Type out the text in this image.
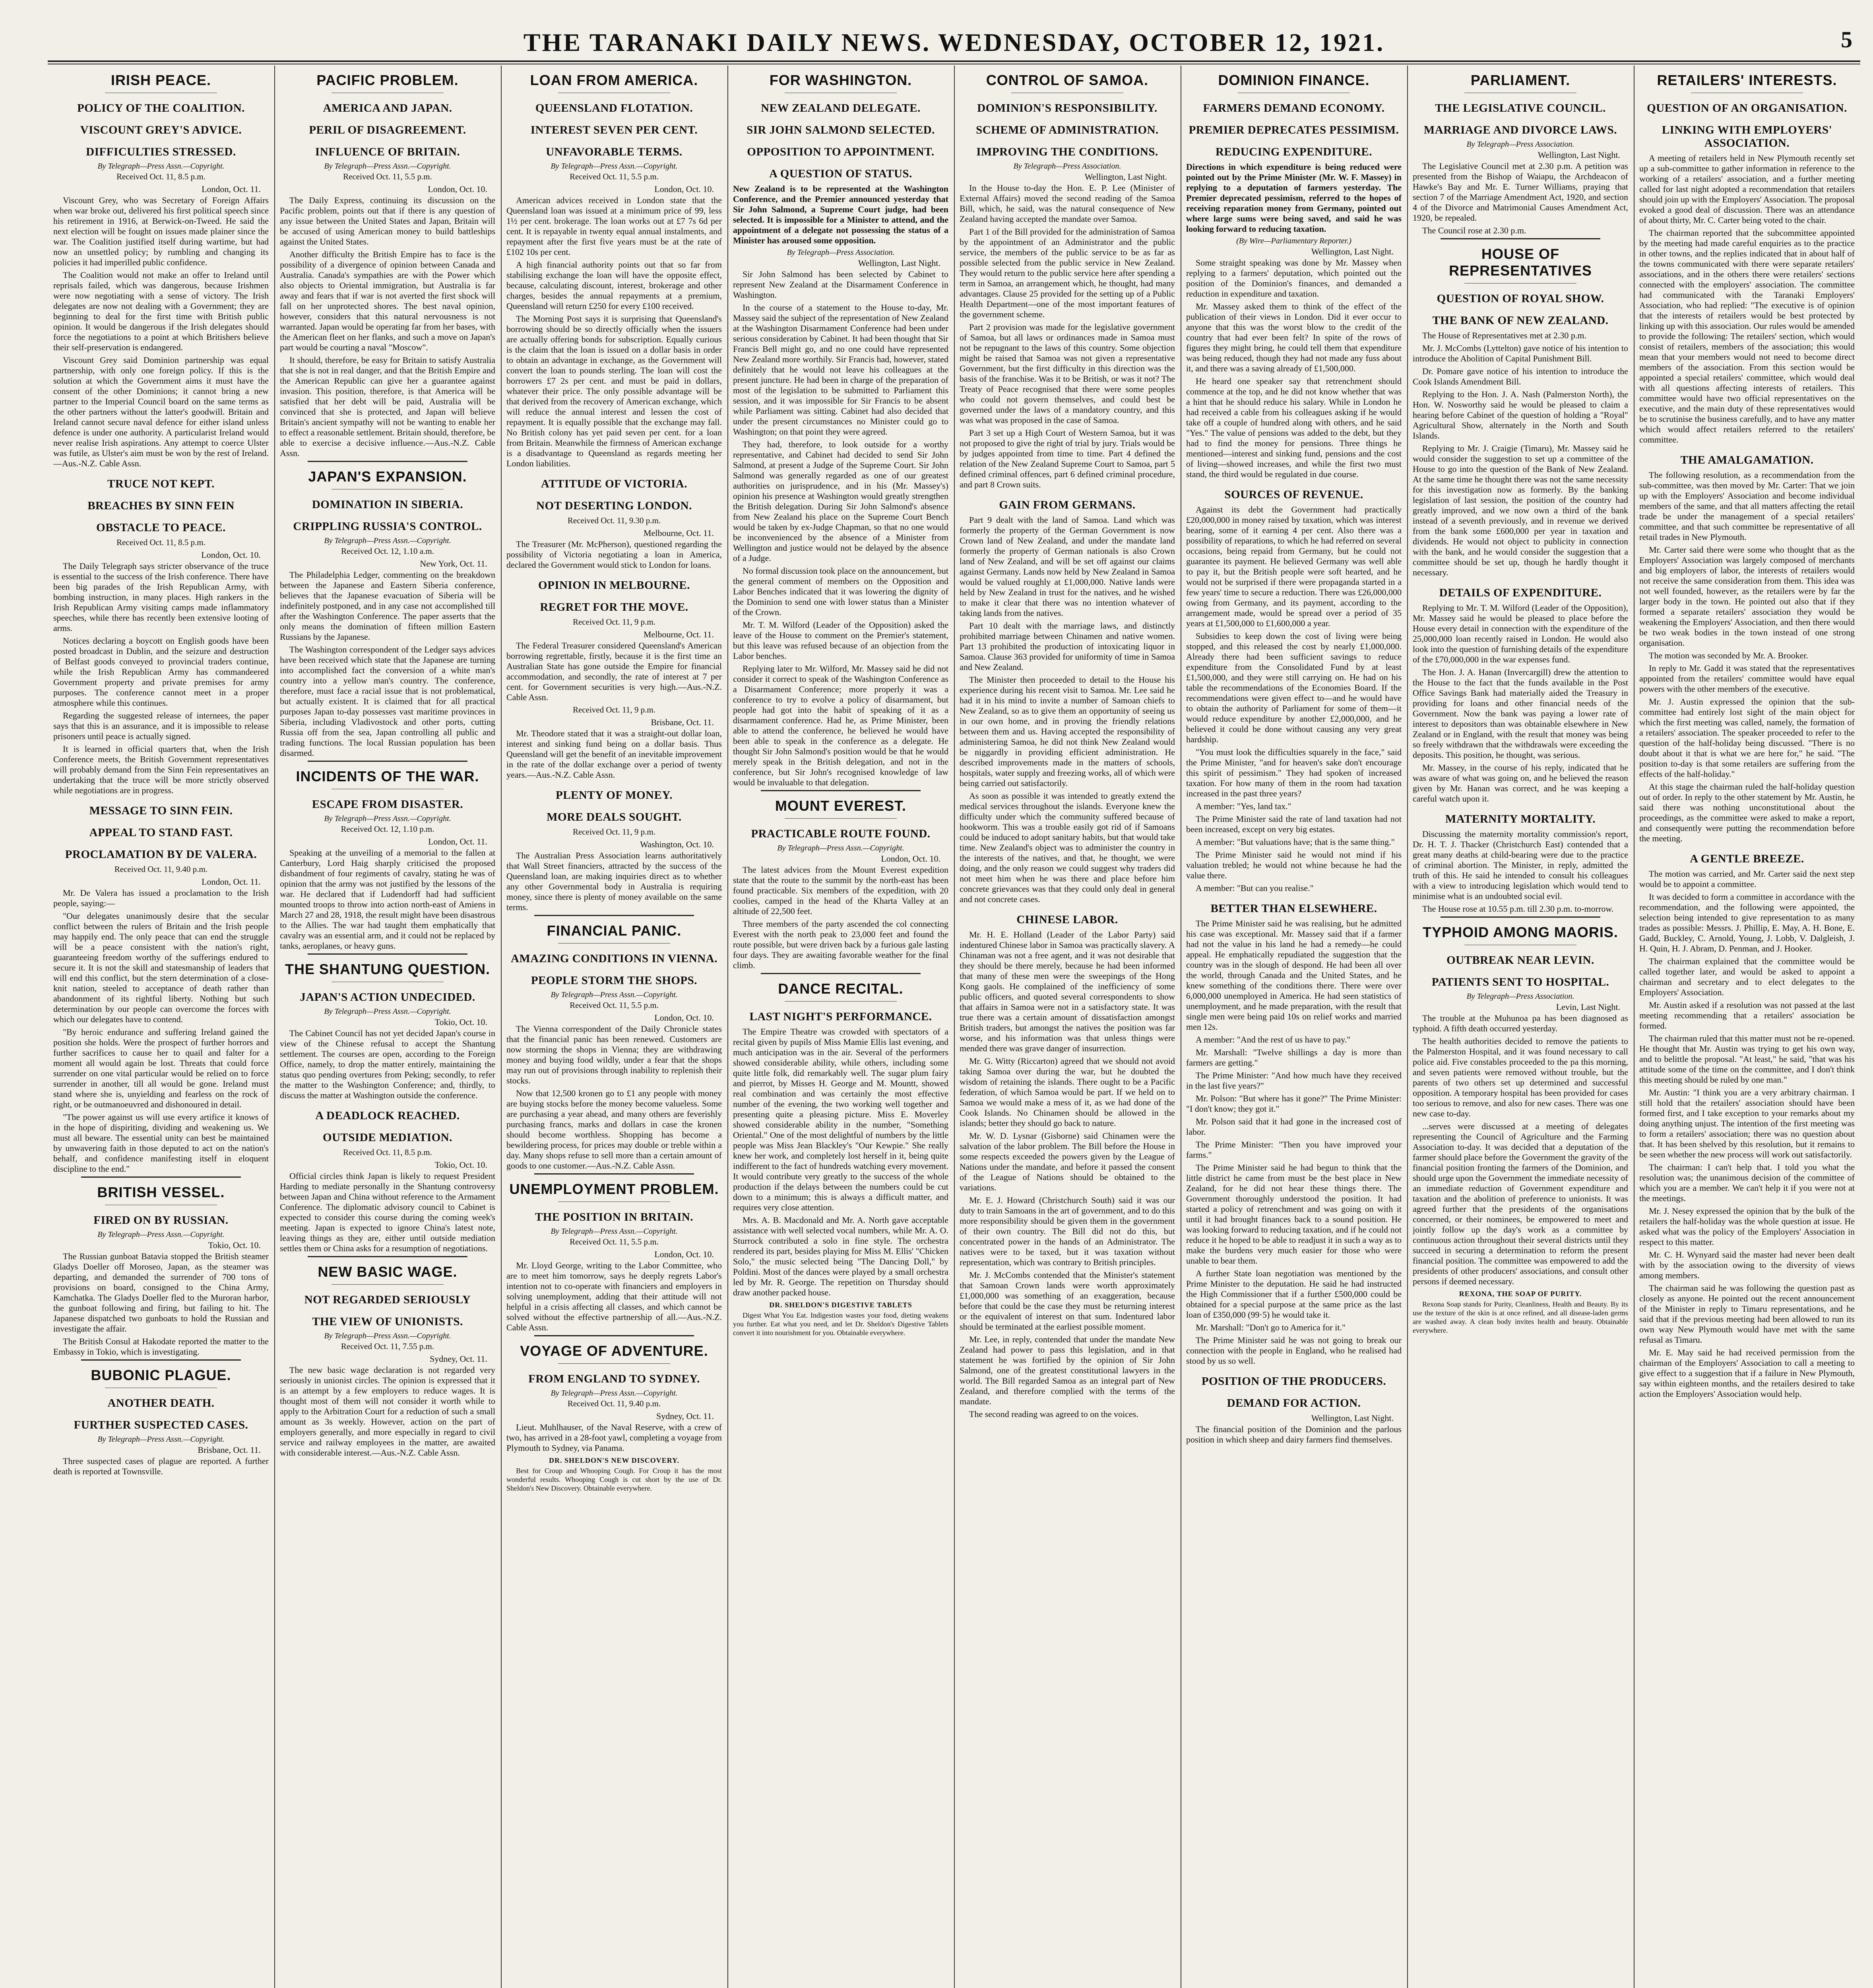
THE TARANAKI DAILY NEWS. WEDNESDAY, OCTOBER 12, 1921.	5
IRISH PEACE.
POLICY OF THE COALITION.
VISCOUNT GREY'S ADVICE.
DIFFICULTIES STRESSED.
By Telegraph—Press Assn.—Copyright.
Received Oct. 11, 8.5 p.m.
London, Oct. 11.

Viscount Grey, who was Secretary of Foreign Affairs when war broke out, delivered his first political speech since his retirement in 1916, at Berwick-on-Tweed. He said the next election will be fought on issues made plainer since the war. The Coalition justified itself during wartime, but had now an unsettled policy; by rumbling and changing its policies it had imperilled public confidence.

The Coalition would not make an offer to Ireland until reprisals failed, which was dangerous, because Irishmen were now negotiating with a sense of victory. The Irish delegates are now not dealing with a Government; they are beginning to deal for the first time with British public opinion. It would be dangerous if the Irish delegates should force the negotiations to a point at which Britishers believe their self-preservation is endangered.

Viscount Grey said Dominion partnership was equal partnership, with only one foreign policy. If this is the solution at which the Government aims it must have the consent of the other Dominions; it cannot bring a new partner to the Imperial Council board on the same terms as the other partners without the latter's goodwill. Britain and Ireland cannot secure naval defence for either island unless defence is under one authority. A particularist Ireland would never realise Irish aspirations. Any attempt to coerce Ulster was futile, as Ulster's aim must be won by the rest of Ireland.—Aus.-N.Z. Cable Assn.

TRUCE NOT KEPT.
BREACHES BY SINN FEIN
OBSTACLE TO PEACE.
Received Oct. 11, 8.5 p.m.
London, Oct. 10.

The Daily Telegraph says stricter observance of the truce is essential to the success of the Irish conference. There have been big parades of the Irish Republican Army, with bombing instruction, in many places. High rankers in the Irish Republican Army visiting camps made inflammatory speeches, while there has recently been extensive looting of arms.

Notices declaring a boycott on English goods have been posted broadcast in Dublin, and the seizure and destruction of Belfast goods conveyed to provincial traders continue, while the Irish Republican Army has commandeered Government property and private premises for army purposes. The conference cannot meet in a proper atmosphere while this continues.

Regarding the suggested release of internees, the paper says that this is an assurance, and it is impossible to release prisoners until peace is actually signed.

It is learned in official quarters that, when the Irish Conference meets, the British Government representatives will probably demand from the Sinn Fein representatives an undertaking that the truce will be more strictly observed while negotiations are in progress.

MESSAGE TO SINN FEIN.
APPEAL TO STAND FAST.
PROCLAMATION BY DE VALERA.
Received Oct. 11, 9.40 p.m.
London, Oct. 11.

Mr. De Valera has issued a proclamation to the Irish people, saying:—

"Our delegates unanimously desire that the secular conflict between the rulers of Britain and the Irish people may happily end. The only peace that can end the struggle will be a peace consistent with the nation's right, guaranteeing freedom worthy of the sufferings endured to secure it. It is not the skill and statesmanship of leaders that will end this conflict, but the stern determination of a close-knit nation, steeled to acceptance of death rather than abandonment of its rightful liberty. Nothing but such determination by our people can overcome the forces with which our delegates have to contend.

"By heroic endurance and suffering Ireland gained the position she holds. Were the prospect of further horrors and further sacrifices to cause her to quail and falter for a moment all would again be lost. Threats that could force surrender on one vital particular would be relied on to force surrender in another, till all would be gone. Ireland must stand where she is, unyielding and fearless on the rock of right, or be outmanoeuvred and dishonoured in detail.

"The power against us will use every artifice it knows of in the hope of dispiriting, dividing and weakening us. We must all beware. The essential unity can best be maintained by unwavering faith in those deputed to act on the nation's behalf, and confidence manifesting itself in eloquent discipline to the end."

BRITISH VESSEL.
FIRED ON BY RUSSIAN.
By Telegraph—Press Assn.—Copyright.
Tokio, Oct. 10.

The Russian gunboat Batavia stopped the British steamer Gladys Doeller off Moroseo, Japan, as the steamer was departing, and demanded the surrender of 700 tons of provisions on board, consigned to the China Army, Kamchatka. The Gladys Doeller fled to the Muroran harbor, the gunboat following and firing, but failing to hit. The Japanese dispatched two gunboats to hold the Russian and investigate the affair.

The British Consul at Hakodate reported the matter to the Embassy in Tokio, which is investigating.

BUBONIC PLAGUE.
ANOTHER DEATH.
FURTHER SUSPECTED CASES.
By Telegraph—Press Assn.—Copyright.
Brisbane, Oct. 11.

Three suspected cases of plague are reported. A further death is reported at Townsville.

PACIFIC PROBLEM.
AMERICA AND JAPAN.
PERIL OF DISAGREEMENT.
INFLUENCE OF BRITAIN.
By Telegraph—Press Assn.—Copyright.
Received Oct. 11, 5.5 p.m.
London, Oct. 10.

The Daily Express, continuing its discussion on the Pacific problem, points out that if there is any question of any issue between the United States and Japan, Britain will be accused of using American money to build battleships against the United States.

Another difficulty the British Empire has to face is the possibility of a divergence of opinion between Canada and Australia. Canada's sympathies are with the Power which also objects to Oriental immigration, but Australia is far away and fears that if war is not averted the first shock will fall on her unprotected shores. The best naval opinion, however, considers that this natural nervousness is not warranted. Japan would be operating far from her bases, with the American fleet on her flanks, and such a move on Japan's part would be courting a naval "Moscow".

It should, therefore, be easy for Britain to satisfy Australia that she is not in real danger, and that the British Empire and the American Republic can give her a guarantee against invasion. This position, therefore, is that America will be satisfied that her debt will be paid, Australia will be convinced that she is protected, and Japan will believe Britain's ancient sympathy will not be wanting to enable her to effect a reasonable settlement. Britain should, therefore, be able to exercise a decisive influence.—Aus.-N.Z. Cable Assn.

JAPAN'S EXPANSION.
DOMINATION IN SIBERIA.
CRIPPLING RUSSIA'S CONTROL.
By Telegraph—Press Assn.—Copyright.
Received Oct. 12, 1.10 a.m.
New York, Oct. 11.

The Philadelphia Ledger, commenting on the breakdown between the Japanese and Eastern Siberia conference, believes that the Japanese evacuation of Siberia will be indefinitely postponed, and in any case not accomplished till after the Washington Conference. The paper asserts that the only means the domination of fifteen million Eastern Russians by the Japanese.

The Washington correspondent of the Ledger says advices have been received which state that the Japanese are turning into accomplished fact the conversion of a white man's country into a yellow man's country. The conference, therefore, must face a racial issue that is not problematical, but actually existent. It is claimed that for all practical purposes Japan to-day possesses vast maritime provinces in Siberia, including Vladivostock and other ports, cutting Russia off from the sea, Japan controlling all public and trading functions. The local Russian population has been disarmed.

INCIDENTS OF THE WAR.
ESCAPE FROM DISASTER.
By Telegraph—Press Assn.—Copyright.
Received Oct. 12, 1.10 p.m.
London, Oct. 11.

Speaking at the unveiling of a memorial to the fallen at Canterbury, Lord Haig sharply criticised the proposed disbandment of four regiments of cavalry, stating he was of opinion that the army was not justified by the lessons of the war. He declared that if Ludendorff had had sufficient mounted troops to throw into action north-east of Amiens in March 27 and 28, 1918, the result might have been disastrous to the Allies. The war had taught them emphatically that cavalry was an essential arm, and it could not be replaced by tanks, aeroplanes, or heavy guns.

THE SHANTUNG QUESTION.
JAPAN'S ACTION UNDECIDED.
By Telegraph—Press Assn.—Copyright.
Tokio, Oct. 10.

The Cabinet Council has not yet decided Japan's course in view of the Chinese refusal to accept the Shantung settlement. The courses are open, according to the Foreign Office, namely, to drop the matter entirely, maintaining the status quo pending overtures from Peking; secondly, to refer the matter to the Washington Conference; and, thirdly, to discuss the matter at Washington outside the conference.

A DEADLOCK REACHED.
OUTSIDE MEDIATION.
Received Oct. 11, 8.5 p.m.
Tokio, Oct. 10.

Official circles think Japan is likely to request President Harding to mediate personally in the Shantung controversy between Japan and China without reference to the Armament Conference. The diplomatic advisory council to Cabinet is expected to consider this course during the coming week's meeting. Japan is expected to ignore China's latest note, leaving things as they are, either until outside mediation settles them or China asks for a resumption of negotiations.

NEW BASIC WAGE.
NOT REGARDED SERIOUSLY
THE VIEW OF UNIONISTS.
By Telegraph—Press Assn.—Copyright.
Received Oct. 11, 7.55 p.m.
Sydney, Oct. 11.

The new basic wage declaration is not regarded very seriously in unionist circles. The opinion is expressed that it is an attempt by a few employers to reduce wages. It is thought most of them will not consider it worth while to apply to the Arbitration Court for a reduction of such a small amount as 3s weekly. However, action on the part of employers generally, and more especially in regard to civil service and railway employees in the matter, are awaited with considerable interest.—Aus.-N.Z. Cable Assn.

LOAN FROM AMERICA.
QUEENSLAND FLOTATION.
INTEREST SEVEN PER CENT.
UNFAVORABLE TERMS.
By Telegraph—Press Assn.—Copyright.
Received Oct. 11, 5.5 p.m.
London, Oct. 10.

American advices received in London state that the Queensland loan was issued at a minimum price of 99, less 1½ per cent. brokerage. The loan works out at £7 7s 6d per cent. It is repayable in twenty equal annual instalments, and repayment after the first five years must be at the rate of £102 10s per cent.

A high financial authority points out that so far from stabilising exchange the loan will have the opposite effect, because, calculating discount, interest, brokerage and other charges, besides the annual repayments at a premium, Queensland will return £250 for every £100 received.

The Morning Post says it is surprising that Queensland's borrowing should be so directly officially when the issuers are actually offering bonds for subscription. Equally curious is the claim that the loan is issued on a dollar basis in order to obtain an advantage in exchange, as the Government will convert the loan to pounds sterling. The loan will cost the borrowers £7 2s per cent. and must be paid in dollars, whatever their price. The only possible advantage will be that derived from the recovery of American exchange, which will reduce the annual interest and lessen the cost of repayment. It is equally possible that the exchange may fall. No British colony has yet paid seven per cent. for a loan from Britain. Meanwhile the firmness of American exchange is a disadvantage to Queensland as regards meeting her London liabilities.

ATTITUDE OF VICTORIA.
NOT DESERTING LONDON.
Received Oct. 11, 9.30 p.m.
Melbourne, Oct. 11.

The Treasurer (Mr. McPherson), questioned regarding the possibility of Victoria negotiating a loan in America, declared the Government would stick to London for loans.

OPINION IN MELBOURNE.
REGRET FOR THE MOVE.
Received Oct. 11, 9 p.m.
Melbourne, Oct. 11.

The Federal Treasurer considered Queensland's American borrowing regrettable, firstly, because it is the first time an Australian State has gone outside the Empire for financial accommodation, and secondly, the rate of interest at 7 per cent. for Government securities is very high.—Aus.-N.Z. Cable Assn.

Received Oct. 11, 9 p.m.
Brisbane, Oct. 11.

Mr. Theodore stated that it was a straight-out dollar loan, interest and sinking fund being on a dollar basis. Thus Queensland will get the benefit of an inevitable improvement in the rate of the dollar exchange over a period of twenty years.—Aus.-N.Z. Cable Assn.

PLENTY OF MONEY.
MORE DEALS SOUGHT.
Received Oct. 11, 9 p.m.
Washington, Oct. 10.

The Australian Press Association learns authoritatively that Wall Street financiers, attracted by the success of the Queensland loan, are making inquiries direct as to whether any other Governmental body in Australia is requiring money, since there is plenty of money available on the same terms.

FINANCIAL PANIC.
AMAZING CONDITIONS IN VIENNA.
PEOPLE STORM THE SHOPS.
By Telegraph—Press Assn.—Copyright.
Received Oct. 11, 5.5 p.m.
London, Oct. 10.

The Vienna correspondent of the Daily Chronicle states that the financial panic has been renewed. Customers are now storming the shops in Vienna; they are withdrawing money and buying food wildly, under a fear that the shops may run out of provisions through inability to replenish their stocks.

Now that 12,500 kronen go to £1 any people with money are buying stocks before the money become valueless. Some are purchasing a year ahead, and many others are feverishly purchasing francs, marks and dollars in case the kronen should become worthless. Shopping has become a bewildering process, for prices may double or treble within a day. Many shops refuse to sell more than a certain amount of goods to one customer.—Aus.-N.Z. Cable Assn.

UNEMPLOYMENT PROBLEM.
THE POSITION IN BRITAIN.
By Telegraph—Press Assn.—Copyright.
Received Oct. 11, 5.5 p.m.
London, Oct. 10.

Mr. Lloyd George, writing to the Labor Committee, who are to meet him tomorrow, says he deeply regrets Labor's intention not to co-operate with financiers and employers in solving unemployment, adding that their attitude will not helpful in a crisis affecting all classes, and which cannot be solved without the effective partnership of all.—Aus.-N.Z. Cable Assn.

VOYAGE OF ADVENTURE.
FROM ENGLAND TO SYDNEY.
By Telegraph—Press Assn.—Copyright.
Received Oct. 11, 9.40 p.m.
Sydney, Oct. 11.

Lieut. Muhlhauser, of the Naval Reserve, with a crew of two, has arrived in a 28-foot yawl, completing a voyage from Plymouth to Sydney, via Panama.

DR. SHELDON'S NEW DISCOVERY.

Best for Croup and Whooping Cough. For Croup it has the most wonderful results. Whooping Cough is cut short by the use of Dr. Sheldon's New Discovery. Obtainable everywhere.

FOR WASHINGTON.
NEW ZEALAND DELEGATE.
SIR JOHN SALMOND SELECTED.
OPPOSITION TO APPOINTMENT.
A QUESTION OF STATUS.

New Zealand is to be represented at the Washington Conference, and the Premier announced yesterday that Sir John Salmond, a Supreme Court judge, had been selected. It is impossible for a Minister to attend, and the appointment of a delegate not possessing the status of a Minister has aroused some opposition.

By Telegraph—Press Association.
Wellington, Last Night.

Sir John Salmond has been selected by Cabinet to represent New Zealand at the Disarmament Conference in Washington.

In the course of a statement to the House to-day, Mr. Massey said the subject of the representation of New Zealand at the Washington Disarmament Conference had been under serious consideration by Cabinet. It had been thought that Sir Francis Bell might go, and no one could have represented New Zealand more worthily. Sir Francis had, however, stated definitely that he would not leave his colleagues at the present juncture. He had been in charge of the preparation of most of the legislation to be submitted to Parliament this session, and it was impossible for Sir Francis to be absent while Parliament was sitting. Cabinet had also decided that under the present circumstances no Minister could go to Washington; on that point they were agreed.

They had, therefore, to look outside for a worthy representative, and Cabinet had decided to send Sir John Salmond, at present a Judge of the Supreme Court. Sir John Salmond was generally regarded as one of our greatest authorities on jurisprudence, and in his (Mr. Massey's) opinion his presence at Washington would greatly strengthen the British delegation. During Sir John Salmond's absence from New Zealand his place on the Supreme Court Bench would be taken by ex-Judge Chapman, so that no one would be inconvenienced by the absence of a Minister from Wellington and justice would not be delayed by the absence of a Judge.

No formal discussion took place on the announcement, but the general comment of members on the Opposition and Labor Benches indicated that it was lowering the dignity of the Dominion to send one with lower status than a Minister of the Crown.

Mr. T. M. Wilford (Leader of the Opposition) asked the leave of the House to comment on the Premier's statement, but this leave was refused because of an objection from the Labor benches.

Replying later to Mr. Wilford, Mr. Massey said he did not consider it correct to speak of the Washington Conference as a Disarmament Conference; more properly it was a conference to try to evolve a policy of disarmament, but people had got into the habit of speaking of it as a disarmament conference. Had he, as Prime Minister, been able to attend the conference, he believed he would have been able to speak in the conference as a delegate. He thought Sir John Salmond's position would be that he would merely speak in the British delegation, and not in the conference, but Sir John's recognised knowledge of law would be invaluable to that delegation.

MOUNT EVEREST.
PRACTICABLE ROUTE FOUND.
By Telegraph—Press Assn.—Copyright.
London, Oct. 10.

The latest advices from the Mount Everest expedition state that the route to the summit by the north-east has been found practicable. Six members of the expedition, with 20 coolies, camped in the head of the Kharta Valley at an altitude of 22,500 feet.

Three members of the party ascended the col connecting Everest with the north peak to 23,000 feet and found the route possible, but were driven back by a furious gale lasting four days. They are awaiting favorable weather for the final climb.

DANCE RECITAL.
LAST NIGHT'S PERFORMANCE.

The Empire Theatre was crowded with spectators of a recital given by pupils of Miss Mamie Ellis last evening, and much anticipation was in the air. Several of the performers showed considerable ability, while others, including some quite little folk, did remarkably well. The sugar plum fairy and pierrot, by Misses H. George and M. Mountt, showed real combination and was certainly the most effective number of the evening, the two working well together and presenting quite a pleasing picture. Miss E. Moverley showed considerable ability in the number, "Something Oriental." One of the most delightful of numbers by the little people was Miss Jean Blackley's "Our Kewpie." She really knew her work, and completely lost herself in it, being quite indifferent to the fact of hundreds watching every movement. It would contribute very greatly to the success of the whole production if the delays between the numbers could be cut down to a minimum; this is always a difficult matter, and requires very close attention.

Mrs. A. B. Macdonald and Mr. A. North gave acceptable assistance with well selected vocal numbers, while Mr. A. O. Sturrock contributed a solo in fine style. The orchestra rendered its part, besides playing for Miss M. Ellis' "Chicken Solo," the music selected being "The Dancing Doll," by Poldini. Most of the dances were played by a small orchestra led by Mr. R. George. The repetition on Thursday should draw another packed house.

DR. SHELDON'S DIGESTIVE TABLETS

Digest What You Eat. Indigestion wastes your food, dieting weakens you further. Eat what you need, and let Dr. Sheldon's Digestive Tablets convert it into nourishment for you. Obtainable everywhere.

CONTROL OF SAMOA.
DOMINION'S RESPONSIBILITY.
SCHEME OF ADMINISTRATION.
IMPROVING THE CONDITIONS.
By Telegraph—Press Association.
Wellington, Last Night.

In the House to-day the Hon. E. P. Lee (Minister of External Affairs) moved the second reading of the Samoa Bill, which, he said, was the natural consequence of New Zealand having accepted the mandate over Samoa.

Part 1 of the Bill provided for the administration of Samoa by the appointment of an Administrator and the public service, the members of the public service to be as far as possible selected from the public service in New Zealand. They would return to the public service here after spending a term in Samoa, an arrangement which, he thought, had many advantages. Clause 25 provided for the setting up of a Public Health Department—one of the most important features of the government scheme.

Part 2 provision was made for the legislative government of Samoa, but all laws or ordinances made in Samoa must not be repugnant to the laws of this country. Some objection might be raised that Samoa was not given a representative Government, but the first difficulty in this direction was the basis of the franchise. Was it to be British, or was it not? The Treaty of Peace recognised that there were some peoples who could not govern themselves, and could best be governed under the laws of a mandatory country, and this was what was proposed in the case of Samoa.

Part 3 set up a High Court of Western Samoa, but it was not proposed to give the right of trial by jury. Trials would be by judges appointed from time to time. Part 4 defined the relation of the New Zealand Supreme Court to Samoa, part 5 defined criminal offences, part 6 defined criminal procedure, and part 8 Crown suits.

GAIN FROM GERMANS.

Part 9 dealt with the land of Samoa. Land which was formerly the property of the German Government is now Crown land of New Zealand, and under the mandate land formerly the property of German nationals is also Crown land of New Zealand, and will be set off against our claims against Germany. Lands now held by New Zealand in Samoa would be valued roughly at £1,000,000. Native lands were held by New Zealand in trust for the natives, and he wished to make it clear that there was no intention whatever of taking lands from the natives.

Part 10 dealt with the marriage laws, and distinctly prohibited marriage between Chinamen and native women. Part 13 prohibited the production of intoxicating liquor in Samoa. Clause 363 provided for uniformity of time in Samoa and New Zealand.

The Minister then proceeded to detail to the House his experience during his recent visit to Samoa. Mr. Lee said he had it in his mind to invite a number of Samoan chiefs to New Zealand, so as to give them an opportunity of seeing us in our own home, and in proving the friendly relations between them and us. Having accepted the responsibility of administering Samoa, he did not think New Zealand would be niggardly in providing efficient administration. He described improvements made in the matters of schools, hospitals, water supply and freezing works, all of which were being carried out satisfactorily.

As soon as possible it was intended to greatly extend the medical services throughout the islands. Everyone knew the difficulty under which the community suffered because of hookworm. This was a trouble easily got rid of if Samoans could be induced to adopt sanitary habits, but that would take time. New Zealand's object was to administer the country in the interests of the natives, and that, he thought, we were doing, and the only reason we could suggest why traders did not meet him when he was there and place before him concrete grievances was that they could only deal in general and not concrete cases.

CHINESE LABOR.

Mr. H. E. Holland (Leader of the Labor Party) said indentured Chinese labor in Samoa was practically slavery. A Chinaman was not a free agent, and it was not desirable that they should be there merely, because he had been informed that many of these men were the sweepings of the Hong Kong gaols. He complained of the inefficiency of some public officers, and quoted several correspondents to show that affairs in Samoa were not in a satisfactory state. It was true there was a certain amount of dissatisfaction amongst British traders, but amongst the natives the position was far worse, and his information was that unless things were mended there was grave danger of insurrection.

Mr. G. Witty (Riccarton) agreed that we should not avoid taking Samoa over during the war, but he doubted the wisdom of retaining the islands. There ought to be a Pacific federation, of which Samoa would be part. If we held on to Samoa we would make a mess of it, as we had done of the Cook Islands. No Chinamen should be allowed in the islands; better they should go back to nature.

Mr. W. D. Lysnar (Gisborne) said Chinamen were the salvation of the labor problem. The Bill before the House in some respects exceeded the powers given by the League of Nations under the mandate, and before it passed the consent of the League of Nations should be obtained to the variations.

Mr. E. J. Howard (Christchurch South) said it was our duty to train Samoans in the art of government, and to do this more responsibility should be given them in the government of their own country. The Bill did not do this, but concentrated power in the hands of an Administrator. The natives were to be taxed, but it was taxation without representation, which was contrary to British principles.

Mr. J. McCombs contended that the Minister's statement that Samoan Crown lands were worth approximately £1,000,000 was something of an exaggeration, because before that could be the case they must be returning interest or the equivalent of interest on that sum. Indentured labor should be terminated at the earliest possible moment.

Mr. Lee, in reply, contended that under the mandate New Zealand had power to pass this legislation, and in that statement he was fortified by the opinion of Sir John Salmond, one of the greatest constitutional lawyers in the world. The Bill regarded Samoa as an integral part of New Zealand, and therefore complied with the terms of the mandate.

The second reading was agreed to on the voices.

DOMINION FINANCE.
FARMERS DEMAND ECONOMY.
PREMIER DEPRECATES PESSIMISM.
REDUCING EXPENDITURE.

Directions in which expenditure is being reduced were pointed out by the Prime Minister (Mr. W. F. Massey) in replying to a deputation of farmers yesterday. The Premier deprecated pessimism, referred to the hopes of receiving reparation money from Germany, pointed out where large sums were being saved, and said he was looking forward to reducing taxation.

(By Wire—Parliamentary Reporter.)
Wellington, Last Night.

Some straight speaking was done by Mr. Massey when replying to a farmers' deputation, which pointed out the position of the Dominion's finances, and demanded a reduction in expenditure and taxation.

Mr. Massey asked them to think of the effect of the publication of their views in London. Did it ever occur to anyone that this was the worst blow to the credit of the country that had ever been felt? In spite of the rows of figures they might bring, he could tell them that expenditure was being reduced, though they had not made any fuss about it, and there was a saving already of £1,500,000.

He heard one speaker say that retrenchment should commence at the top, and he did not know whether that was a hint that he should reduce his salary. While in London he had received a cable from his colleagues asking if he would take off a couple of hundred along with others, and he said "Yes." The value of pensions was added to the debt, but they had to find the money for pensions. Three things he mentioned—interest and sinking fund, pensions and the cost of living—showed increases, and while the first two must stand, the third would be regulated in due course.

SOURCES OF REVENUE.

Against its debt the Government had practically £20,000,000 in money raised by taxation, which was interest bearing, some of it earning 4 per cent. Also there was a possibility of reparations, to which he had referred on several occasions, being repaid from Germany, but he could not guarantee its payment. He believed Germany was well able to pay it, but the British people were soft hearted, and he would not be surprised if there were propaganda started in a few years' time to secure a reduction. There was £26,000,000 owing from Germany, and its payment, according to the arrangement made, would be spread over a period of 35 years at £1,500,000 to £1,600,000 a year.

Subsidies to keep down the cost of living were being stopped, and this released the cost by nearly £1,000,000. Already there had been sufficient savings to reduce expenditure from the Consolidated Fund by at least £1,500,000, and they were still carrying on. He had on his table the recommendations of the Economies Board. If the recommendations were given effect to—and he would have to obtain the authority of Parliament for some of them—it would reduce expenditure by another £2,000,000, and he believed it could be done without causing any very great hardship.

"You must look the difficulties squarely in the face," said the Prime Minister, "and for heaven's sake don't encourage this spirit of pessimism." They had spoken of increased taxation. For how many of them in the room had taxation increased in the past three years?

A member: "Yes, land tax."

The Prime Minister said the rate of land taxation had not been increased, except on very big estates.

A member: "But valuations have; that is the same thing."

The Prime Minister said he would not mind if his valuation trebled; he would not whine because he had the value there.

A member: "But can you realise."

BETTER THAN ELSEWHERE.

The Prime Minister said he was realising, but he admitted his case was exceptional. Mr. Massey said that if a farmer had not the value in his land he had a remedy—he could appeal. He emphatically repudiated the suggestion that the country was in the slough of despond. He had been all over the world, through Canada and the United States, and he knew something of the conditions there. There were over 6,000,000 unemployed in America. He had seen statistics of unemployment, and he made preparation, with the result that single men were being paid 10s on relief works and married men 12s.

A member: "And the rest of us have to pay."

Mr. Marshall: "Twelve shillings a day is more than farmers are getting."

The Prime Minister: "And how much have they received in the last five years?"

Mr. Polson: "But where has it gone?" The Prime Minister: "I don't know; they got it."

Mr. Polson said that it had gone in the increased cost of labor.

The Prime Minister: "Then you have improved your farms."

The Prime Minister said he had begun to think that the little district he came from must be the best place in New Zealand, for he did not hear these things there. The Government thoroughly understood the position. It had started a policy of retrenchment and was going on with it until it had brought finances back to a sound position. He was looking forward to reducing taxation, and if he could not reduce it he hoped to be able to readjust it in such a way as to make the burdens very much easier for those who were unable to bear them.

A further State loan negotiation was mentioned by the Prime Minister to the deputation. He said he had instructed the High Commissioner that if a further £500,000 could be obtained for a special purpose at the same price as the last loan of £350,000 (99·5) he would take it.

Mr. Marshall: "Don't go to America for it."

The Prime Minister said he was not going to break our connection with the people in England, who he realised had stood by us so well.

POSITION OF THE PRODUCERS.
DEMAND FOR ACTION.
Wellington, Last Night.

The financial position of the Dominion and the parlous position in which sheep and dairy farmers find themselves.

PARLIAMENT.
THE LEGISLATIVE COUNCIL.
MARRIAGE AND DIVORCE LAWS.
By Telegraph—Press Association.
Wellington, Last Night.

The Legislative Council met at 2.30 p.m. A petition was presented from the Bishop of Waiapu, the Archdeacon of Hawke's Bay and Mr. E. Turner Williams, praying that section 7 of the Marriage Amendment Act, 1920, and section 4 of the Divorce and Matrimonial Causes Amendment Act, 1920, be repealed.

The Council rose at 2.30 p.m.

HOUSE OF REPRESENTATIVES
QUESTION OF ROYAL SHOW.
THE BANK OF NEW ZEALAND.

The House of Representatives met at 2.30 p.m.

Mr. J. McCombs (Lyttelton) gave notice of his intention to introduce the Abolition of Capital Punishment Bill.

Dr. Pomare gave notice of his intention to introduce the Cook Islands Amendment Bill.

Replying to the Hon. J. A. Nash (Palmerston North), the Hon. W. Nosworthy said he would be pleased to claim a hearing before Cabinet of the question of holding a "Royal" Agricultural Show, alternately in the North and South Islands.

Replying to Mr. J. Craigie (Timaru), Mr. Massey said he would consider the suggestion to set up a committee of the House to go into the question of the Bank of New Zealand. At the same time he thought there was not the same necessity for this investigation now as formerly. By the banking legislation of last session, the position of the country had greatly improved, and we now own a third of the bank instead of a seventh previously, and in revenue we derived from the bank some £600,000 per year in taxation and dividends. He would not object to publicity in connection with the bank, and he would consider the suggestion that a committee should be set up, though he hardly thought it necessary.

DETAILS OF EXPENDITURE.

Replying to Mr. T. M. Wilford (Leader of the Opposition), Mr. Massey said he would be pleased to place before the House every detail in connection with the expenditure of the 25,000,000 loan recently raised in London. He would also look into the question of furnishing details of the expenditure of the £70,000,000 in the war expenses fund.

The Hon. J. A. Hanan (Invercargill) drew the attention to the House to the fact that the funds available in the Post Office Savings Bank had materially aided the Treasury in providing for loans and other financial needs of the Government. Now the bank was paying a lower rate of interest to depositors than was obtainable elsewhere in New Zealand or in England, with the result that money was being so freely withdrawn that the withdrawals were exceeding the deposits. This position, he thought, was serious.

Mr. Massey, in the course of his reply, indicated that he was aware of what was going on, and he believed the reason given by Mr. Hanan was correct, and he was keeping a careful watch upon it.

MATERNITY MORTALITY.

Discussing the maternity mortality commission's report, Dr. H. T. J. Thacker (Christchurch East) contended that a great many deaths at child-bearing were due to the practice of criminal abortion. The Minister, in reply, admitted the truth of this. He said he intended to consult his colleagues with a view to introducing legislation which would tend to minimise what is an undoubted social evil.

The House rose at 10.55 p.m. till 2.30 p.m. to-morrow.

TYPHOID AMONG MAORIS.
OUTBREAK NEAR LEVIN.
PATIENTS SENT TO HOSPITAL.
By Telegraph—Press Association.
Levin, Last Night.

The trouble at the Muhunoa pa has been diagnosed as typhoid. A fifth death occurred yesterday.

The health authorities decided to remove the patients to the Palmerston Hospital, and it was found necessary to call police aid. Five constables proceeded to the pa this morning, and seven patients were removed without trouble, but the parents of two others set up determined and successful opposition. A temporary hospital has been provided for cases too serious to remove, and also for new cases. There was one new case to-day.

...serves were discussed at a meeting of delegates representing the Council of Agriculture and the Farming Association to-day. It was decided that a deputation of the farmer should place before the Government the gravity of the financial position fronting the farmers of the Dominion, and should urge upon the Government the immediate necessity of an immediate reduction of Government expenditure and taxation and the abolition of preference to unionists. It was agreed further that the presidents of the organisations concerned, or their nominees, be empowered to meet and jointly follow up the day's work as a committee by continuous action throughout their several districts until they succeed in securing a determination to reform the present financial position. The committee was empowered to add the presidents of other producers' associations, and consult other persons if deemed necessary.

REXONA, THE SOAP OF PURITY.

Rexona Soap stands for Purity, Cleanliness, Health and Beauty. By its use the texture of the skin is at once refined, and all disease-laden germs are washed away. A clean body invites health and beauty. Obtainable everywhere.

RETAILERS' INTERESTS.
QUESTION OF AN ORGANISATION.
LINKING WITH EMPLOYERS' ASSOCIATION.

A meeting of retailers held in New Plymouth recently set up a sub-committee to gather information in reference to the working of a retailers' association, and a further meeting called for last night adopted a recommendation that retailers should join up with the Employers' Association. The proposal evoked a good deal of discussion. There was an attendance of about thirty, Mr. C. Carter being voted to the chair.

The chairman reported that the subcommittee appointed by the meeting had made careful enquiries as to the practice in other towns, and the replies indicated that in about half of the towns communicated with there were separate retailers' associations, and in the others there were retailers' sections connected with the employers' association. The committee had communicated with the Taranaki Employers' Association, who had replied: "The executive is of opinion that the interests of retailers would be best protected by linking up with this association. Our rules would be amended to provide the following: The retailers' section, which would consist of retailers, members of the association; this would mean that your members would not need to become direct members of the association. From this section would be appointed a special retailers' committee, which would deal with all questions affecting interests of retailers. This committee would have two official representatives on the executive, and the main duty of these representatives would be to scrutinise the business carefully, and to have any matter which would affect retailers referred to the retailers' committee.

THE AMALGAMATION.

The following resolution, as a recommendation from the sub-committee, was then moved by Mr. Carter: That we join up with the Employers' Association and become individual members of the same, and that all matters affecting the retail trade be under the management of a special retailers' committee, and that such committee be representative of all retail trades in New Plymouth.

Mr. Carter said there were some who thought that as the Employers' Association was largely composed of merchants and big employers of labor, the interests of retailers would not receive the same consideration from them. This idea was not well founded, however, as the retailers were by far the larger body in the town. He pointed out also that if they formed a separate retailers' association they would be weakening the Employers' Association, and then there would be two weak bodies in the town instead of one strong organisation.

The motion was seconded by Mr. A. Brooker.

In reply to Mr. Gadd it was stated that the representatives appointed from the retailers' committee would have equal powers with the other members of the executive.

Mr. J. Austin expressed the opinion that the sub-committee had entirely lost sight of the main object for which the first meeting was called, namely, the formation of a retailers' association. The speaker proceeded to refer to the question of the half-holiday being discussed. "There is no doubt about it that is what we are here for," he said. "The position to-day is that some retailers are suffering from the effects of the half-holiday."

At this stage the chairman ruled the half-holiday question out of order. In reply to the other statement by Mr. Austin, he said there was nothing unconstitutional about the proceedings, as the committee were asked to make a report, and consequently were putting the recommendation before the meeting.

A GENTLE BREEZE.

The motion was carried, and Mr. Carter said the next step would be to appoint a committee.

It was decided to form a committee in accordance with the recommendation, and the following were appointed, the selection being intended to give representation to as many trades as possible: Messrs. J. Phillip, E. May, A. H. Bone, E. Gadd, Buckley, C. Arnold, Young, J. Lobb, V. Dalgleish, J. H. Quin, H. J. Abram, D. Penman, and J. Hooker.

The chairman explained that the committee would be called together later, and would be asked to appoint a chairman and secretary and to elect delegates to the Employers' Association.

Mr. Austin asked if a resolution was not passed at the last meeting recommending that a retailers' association be formed.

The chairman ruled that this matter must not be re-opened. He thought that Mr. Austin was trying to get his own way, and to belittle the proposal. "At least," he said, "that was his attitude some of the time on the committee, and I don't think this meeting should be ruled by one man."

Mr. Austin: "I think you are a very arbitrary chairman. I still hold that the retailers' association should have been formed first, and I take exception to your remarks about my doing anything unjust. The intention of the first meeting was to form a retailers' association; there was no question about that. It has been shelved by this resolution, but it remains to be seen whether the new process will work out satisfactorily.

The chairman: I can't help that. I told you what the resolution was; the unanimous decision of the committee of which you are a member. We can't help it if you were not at the meetings.

Mr. J. Nesey expressed the opinion that by the bulk of the retailers the half-holiday was the whole question at issue. He asked what was the policy of the Employers' Association in respect to this matter.

Mr. C. H. Wynyard said the master had never been dealt with by the association owing to the diversity of views among members.

The chairman said he was following the question past as closely as anyone. He pointed out the recent announcement of the Minister in reply to Timaru representations, and he said that if the previous meeting had been allowed to run its own way New Plymouth would have met with the same refusal as Timaru.

Mr. E. May said he had received permission from the chairman of the Employers' Association to call a meeting to give effect to a suggestion that if a failure in New Plymouth, say within eighteen months, and the retailers desired to take action the Employers' Association would help.
